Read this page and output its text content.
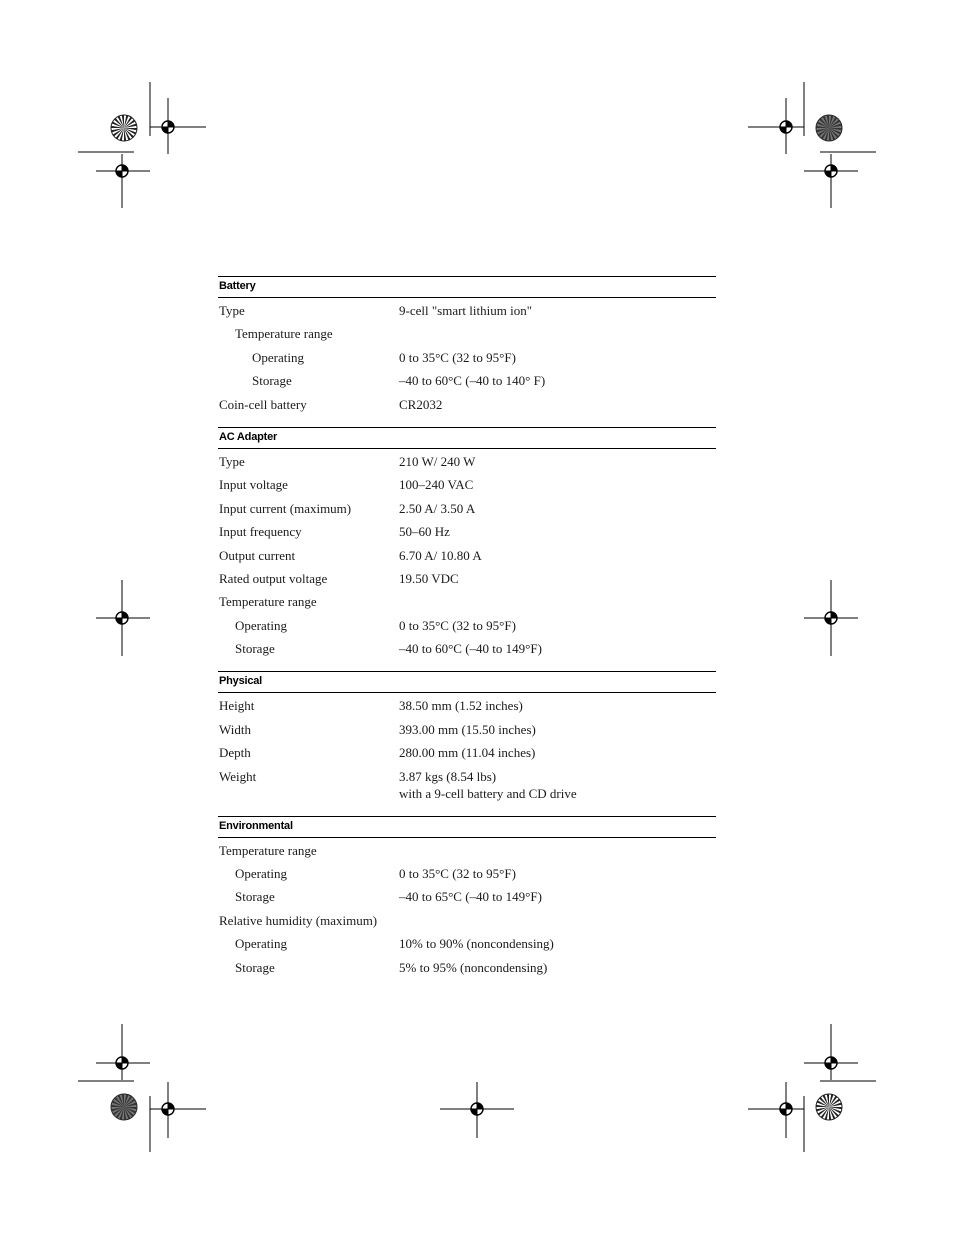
Battery
Type	9-cell "smart lithium ion"
Temperature range
Operating	0 to 35°C (32 to 95°F)
Storage	–40 to 60°C (–40 to 140° F)
Coin-cell battery	CR2032
AC Adapter
Type	210 W/ 240 W
Input voltage	100–240 VAC
Input current (maximum)	2.50 A/ 3.50 A
Input frequency	50–60 Hz
Output current	6.70 A/ 10.80 A
Rated output voltage	19.50 VDC
Temperature range
Operating	0 to 35°C (32 to 95°F)
Storage	–40 to 60°C (–40 to 149°F)
Physical
Height	38.50 mm (1.52 inches)
Width	393.00 mm (15.50 inches)
Depth	280.00 mm (11.04 inches)
Weight	3.87 kgs (8.54 lbs)
with a 9-cell battery and CD drive
Environmental
Temperature range
Operating	0 to 35°C (32 to 95°F)
Storage	–40 to 65°C (–40 to 149°F)
Relative humidity (maximum)
Operating	10% to 90% (noncondensing)
Storage	5% to 95% (noncondensing)
